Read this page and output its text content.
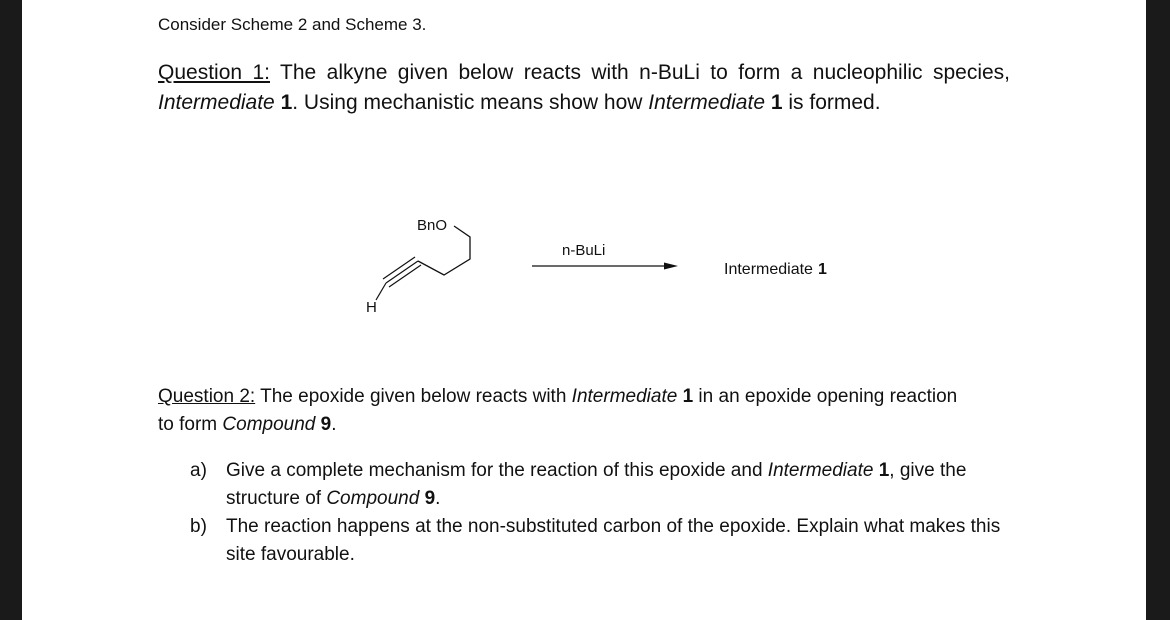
Consider Scheme 2 and Scheme 3.

Question 1: The alkyne given below reacts with n-BuLi to form a nucleophilic species, Intermediate 1. Using mechanistic means show how Intermediate 1 is formed.

BnO
H
n-BuLi
Intermediate 1

Question 2: The epoxide given below reacts with Intermediate 1 in an epoxide opening reaction to form Compound 9.

a) Give a complete mechanism for the reaction of this epoxide and Intermediate 1, give the structure of Compound 9.

b) The reaction happens at the non-substituted carbon of the epoxide. Explain what makes this site favourable.
